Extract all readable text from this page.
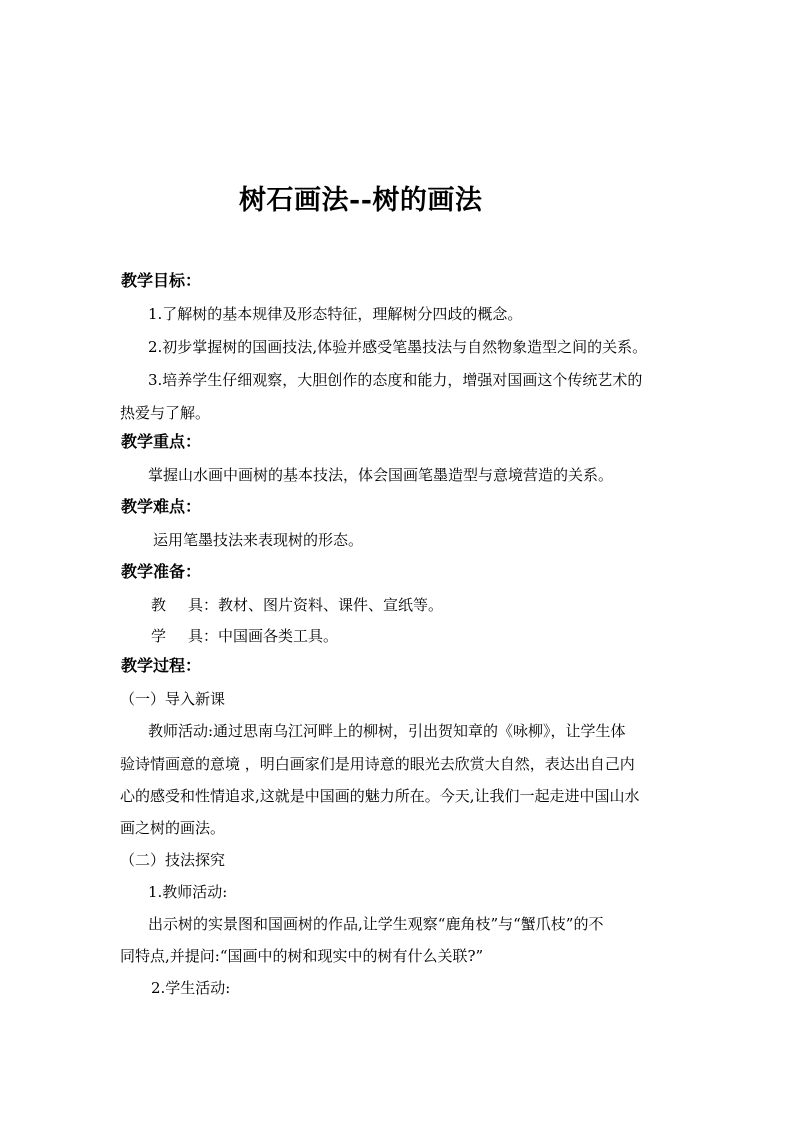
树石画法--树的画法
教学目标：
1.了解树的基本规律及形态特征，理解树分四歧的概念。
2.初步掌握树的国画技法,体验并感受笔墨技法与自然物象造型之间的关系。
3.培养学生仔细观察，大胆创作的态度和能力，增强对国画这个传统艺术的
热爱与了解。
教学重点：
掌握山水画中画树的基本技法，体会国画笔墨造型与意境营造的关系。
教学难点：
运用笔墨技法来表现树的形态。
教学准备：
教 具：教材、图片资料、课件、宣纸等。
学 具：中国画各类工具。
教学过程：
（一）导入新课
教师活动:通过思南乌江河畔上的柳树，引出贺知章的《咏柳》，让学生体
验诗情画意的意境 ，明白画家们是用诗意的眼光去欣赏大自然，表达出自己内
心的感受和性情追求,这就是中国画的魅力所在。今天,让我们一起走进中国山水
画之树的画法。
（二）技法探究
1.教师活动:
出示树的实景图和国画树的作品,让学生观察“鹿角枝”与“蟹爪枝”的不
同特点,并提问:“国画中的树和现实中的树有什么关联?”
2.学生活动:
